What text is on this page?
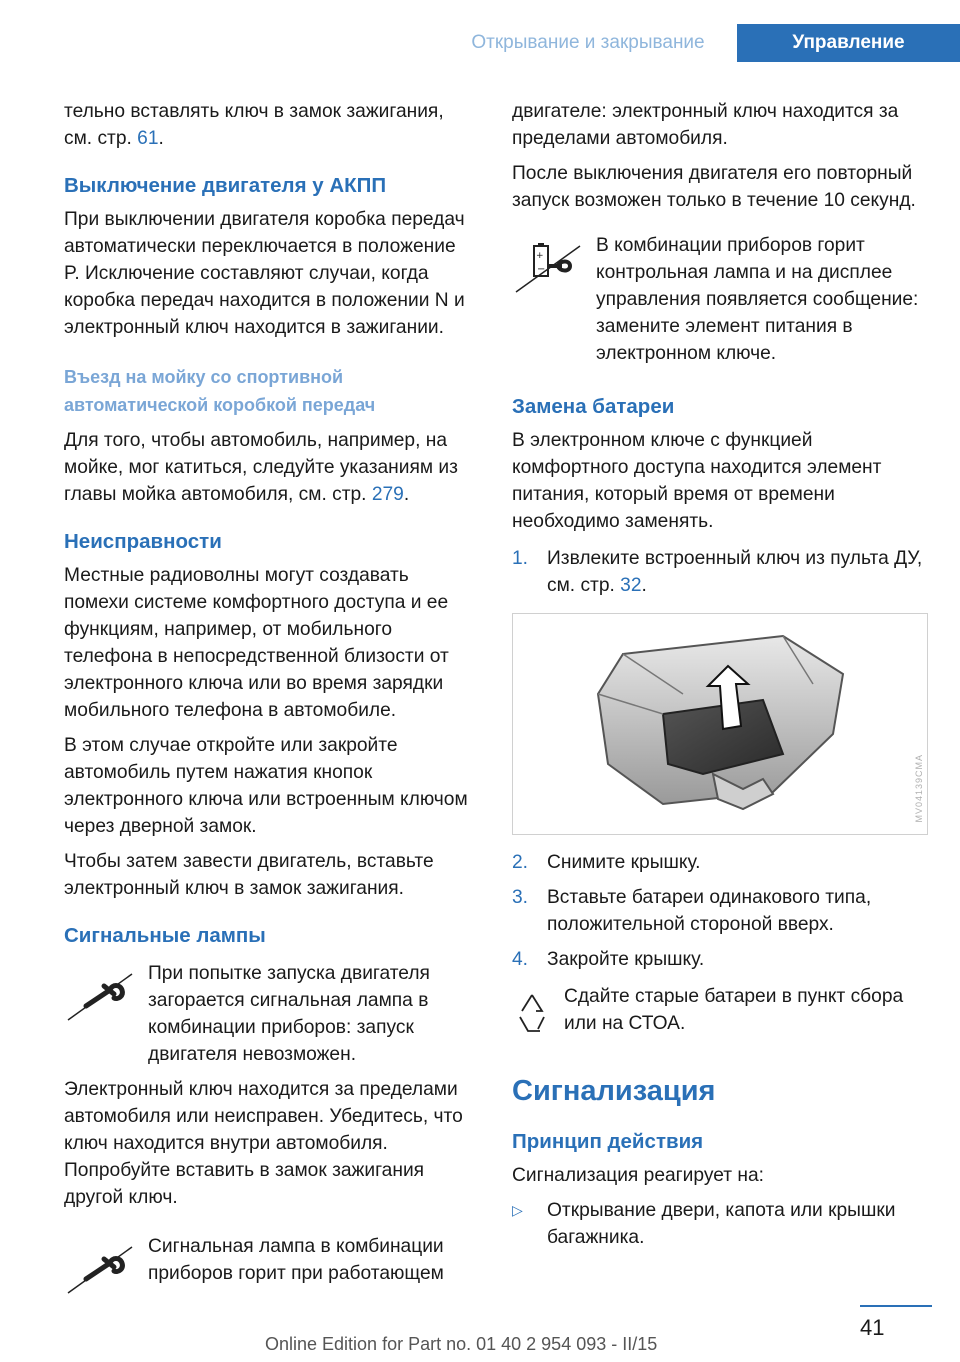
Открывание и закрывание	Управление

тельно вставлять ключ в замок зажигания, см. стр. 61.

Выключение двигателя у АКПП

При выключении двигателя коробка передач автоматически переключается в положение P. Исключение составляют случаи, когда коробка передач находится в положении N и электронный ключ находится в зажигании.

Въезд на мойку со спортивной автоматической коробкой передач

Для того, чтобы автомобиль, например, на мойке, мог катиться, следуйте указаниям из главы мойка автомобиля, см. стр. 279.

Неисправности

Местные радиоволны могут создавать помехи системе комфортного доступа и ее функциям, например, от мобильного телефона в непосредственной близости от электронного ключа или во время зарядки мобильного телефона в автомобиле.

В этом случае откройте или закройте автомобиль путем нажатия кнопок электронного ключа или встроенным ключом через дверной замок.

Чтобы затем завести двигатель, вставьте электронный ключ в замок зажигания.

Сигнальные лампы

При попытке запуска двигателя загорается сигнальная лампа в комбинации приборов: запуск двигателя невозможен.

Электронный ключ находится за пределами автомобиля или неисправен. Убедитесь, что ключ находится внутри автомобиля. Попробуйте вставить в замок зажигания другой ключ.

Сигнальная лампа в комбинации приборов горит при работающем

двигателе: электронный ключ находится за пределами автомобиля.

После выключения двигателя его повторный запуск возможен только в течение 10 секунд.

+
−

В комбинации приборов горит контрольная лампа и на дисплее управления появляется сообщение: замените элемент питания в электронном ключе.

Замена батареи

В электронном ключе с функцией комфортного доступа находится элемент питания, который время от времени необходимо заменять.

1. Извлеките встроенный ключ из пульта ДУ, см. стр. 32.
MV04139CMA
2. Снимите крышку.
3. Вставьте батареи одинакового типа, положительной стороной вверх.
4. Закройте крышку.

Сдайте старые батареи в пункт сбора или на СТОА.

Сигнализация
Принцип действия

Сигнализация реагирует на:

▷	Открывание двери, капота или крышки багажника.
41
Online Edition for Part no. 01 40 2 954 093 - II/15
